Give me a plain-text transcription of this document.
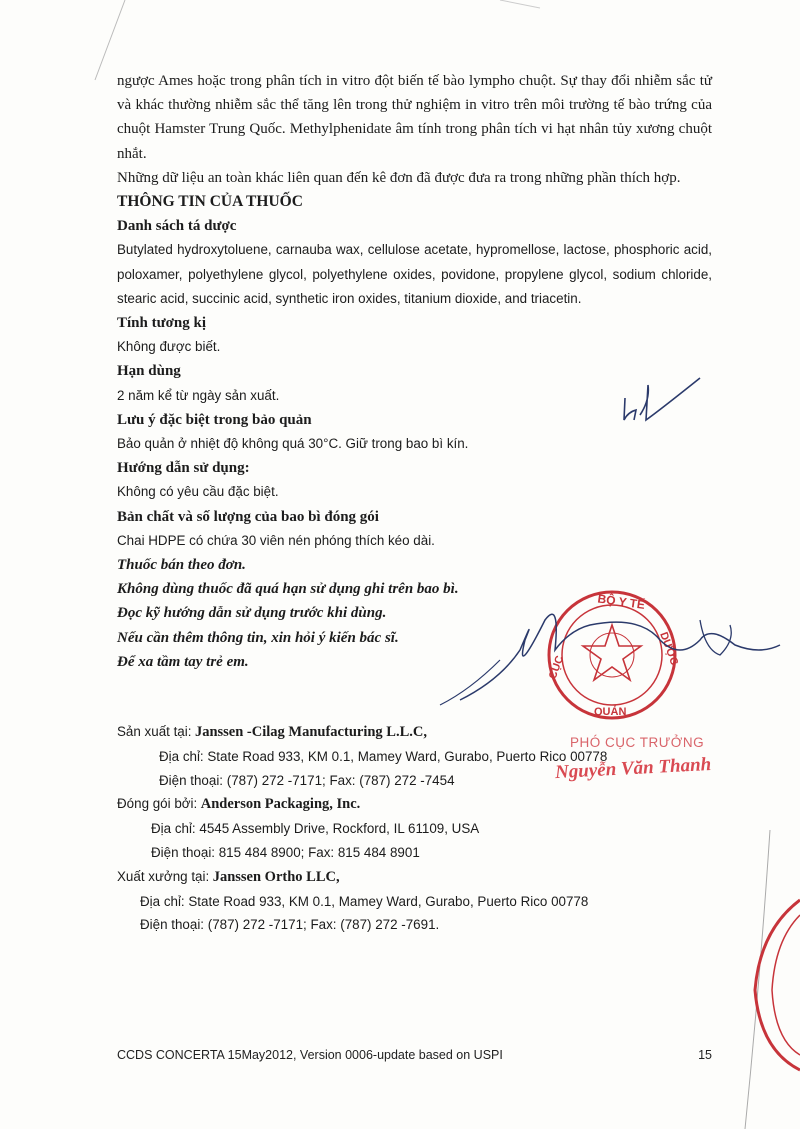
ngược Ames hoặc trong phân tích in vitro đột biến tế bào lympho chuột. Sự thay đổi nhiễm sắc tử và khác thường nhiễm sắc thể tăng lên trong thử nghiệm in vitro trên môi trường tế bào trứng của chuột Hamster Trung Quốc. Methylphenidate âm tính trong phân tích vi hạt nhân tủy xương chuột nhắt.

Những dữ liệu an toàn khác liên quan đến kê đơn đã được đưa ra trong những phần thích hợp.

THÔNG TIN CỦA THUỐC

Danh sách tá dược

Butylated hydroxytoluene, carnauba wax, cellulose acetate, hypromellose, lactose, phosphoric acid, poloxamer, polyethylene glycol, polyethylene oxides, povidone, propylene glycol, sodium chloride, stearic acid, succinic acid, synthetic iron oxides, titanium dioxide, and triacetin.

Tính tương kị

Không được biết.

Hạn dùng

2 năm kể từ ngày sản xuất.

Lưu ý đặc biệt trong bảo quản

Bảo quản ở nhiệt độ không quá 30°C. Giữ trong bao bì kín.

Hướng dẫn sử dụng:

Không có yêu cầu đặc biệt.

Bản chất và số lượng của bao bì đóng gói

Chai HDPE có chứa 30 viên nén phóng thích kéo dài.

Thuốc bán theo đơn.

Không dùng thuốc đã quá hạn sử dụng ghi trên bao bì.

Đọc kỹ hướng dẫn sử dụng trước khi dùng.

Nếu cần thêm thông tin, xin hỏi ý kiến bác sĩ.

Để xa tầm tay trẻ em.

Sản xuất tại: Janssen -Cilag Manufacturing L.L.C,

Địa chỉ: State Road 933, KM 0.1, Mamey Ward, Gurabo, Puerto Rico 00778

Điện thoại: (787) 272 -7171; Fax: (787) 272 -7454

Đóng gói bởi: Anderson Packaging, Inc.

Địa chỉ: 4545 Assembly Drive, Rockford, IL 61109, USA

Điện thoại: 815 484 8900; Fax: 815 484 8901

Xuất xưởng tại: Janssen Ortho LLC,

Địa chỉ: State Road 933, KM 0.1, Mamey Ward, Gurabo, Puerto Rico 00778

Điện thoại: (787) 272 -7171; Fax: (787) 272 -7691.

CCDS CONCERTA 15May2012, Version 0006-update based on USPI	15
BỘ Y TẾ
CỤC
QUẢN
DƯỢC
PHÓ CỤC TRƯỞNG
Nguyễn Văn Thanh
